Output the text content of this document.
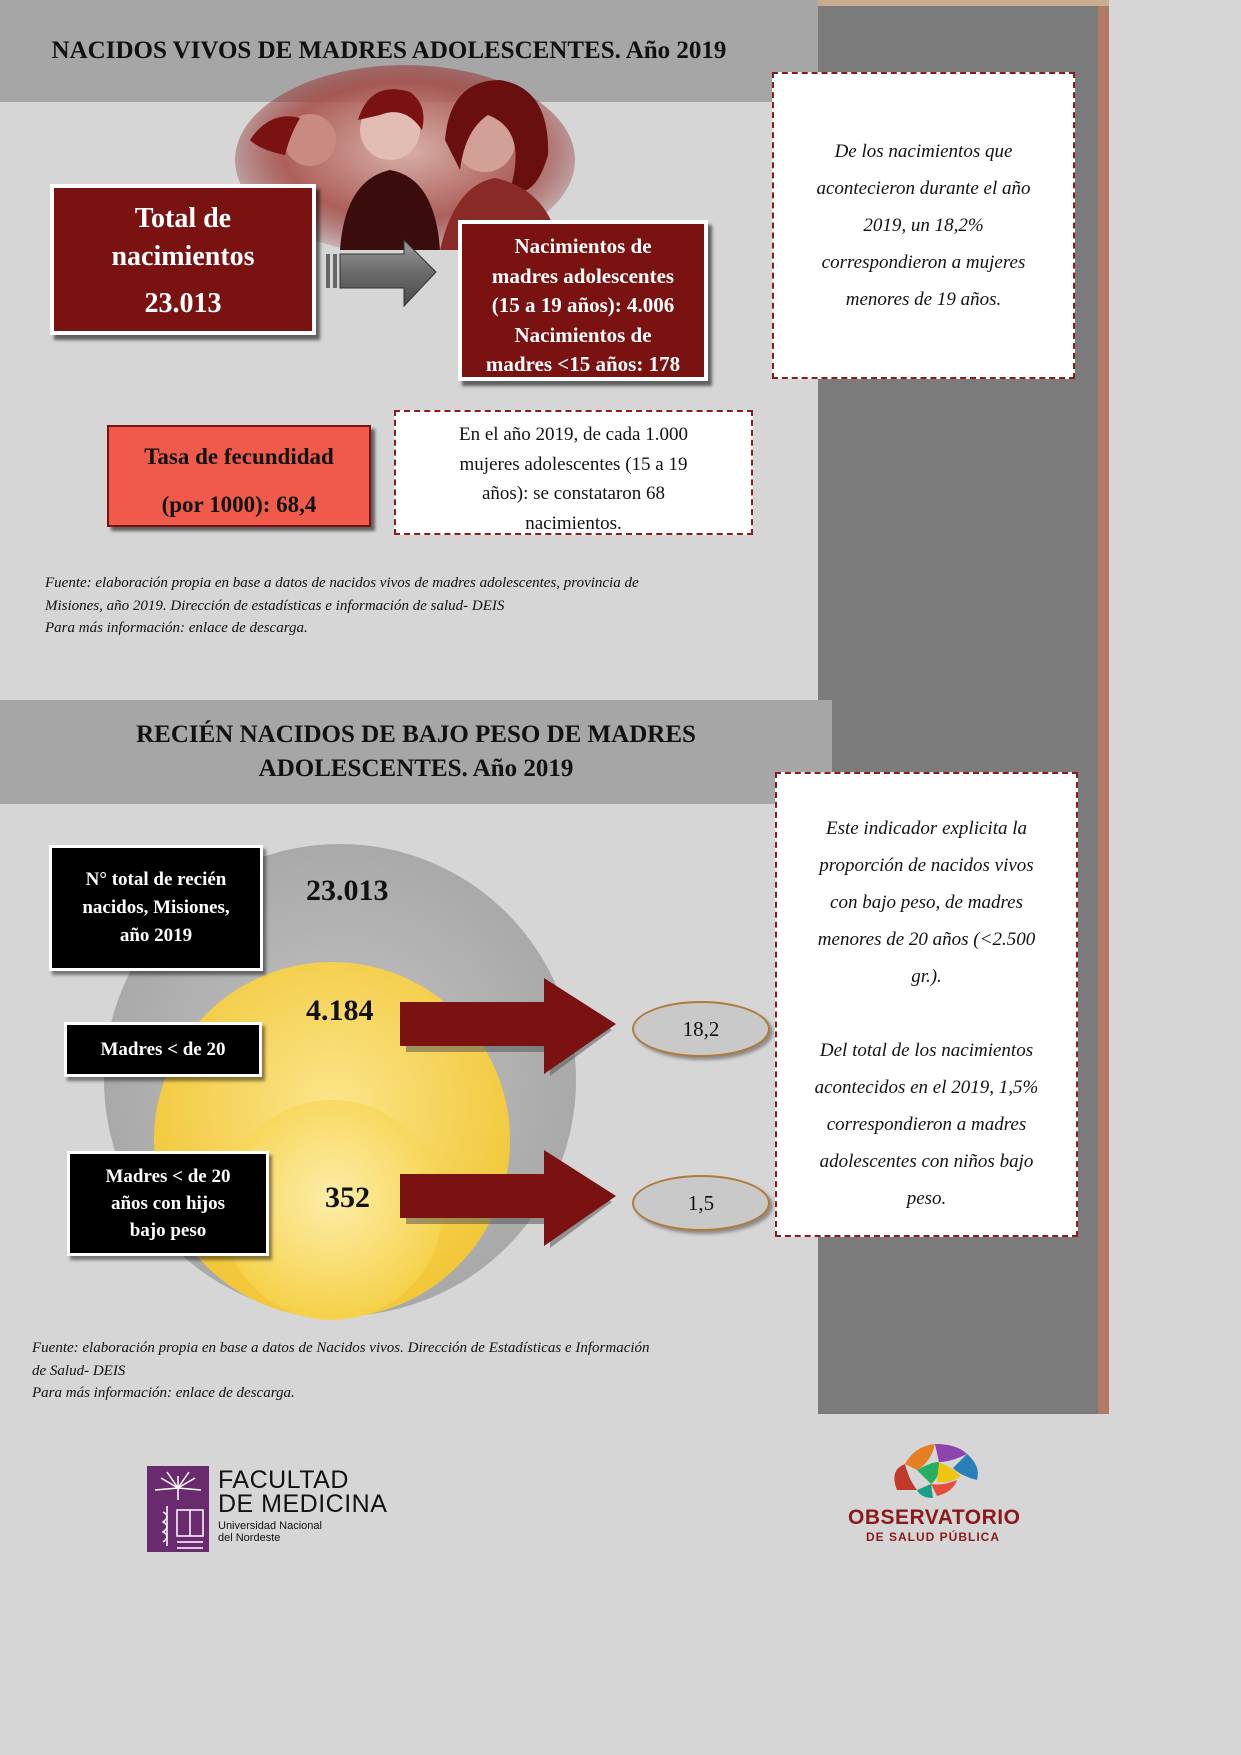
NACIDOS VIVOS DE MADRES ADOLESCENTES. Año 2019
Total de
nacimientos
23.013

Nacimientos de

madres adolescentes

(15 a 19 años): 4.006

Nacimientos de

madres <15 años: 178

De los nacimientos que
acontecieron durante el año
2019, un 18,2%
correspondieron a mujeres
menores de 19 años.

Tasa de fecundidad

(por 1000): 68,4

En el año 2019, de cada 1.000
mujeres adolescentes (15 a 19
años): se constataron 68
nacimientos.

Fuente: elaboración propia en base a datos de nacidos vivos de madres adolescentes, provincia de
Misiones, año 2019. Dirección de estadísticas e información de salud- DEIS
Para más información: enlace de descarga.
RECIÉN NACIDOS DE BAJO PESO DE MADRES
ADOLESCENTES. Año 2019
N° total de recién
nacidos, Misiones,
año 2019
Madres < de 20
Madres < de 20
años con hijos
bajo peso
23.013
4.184
352
18,2
1,5

Este indicador explicita la
proporción de nacidos vivos
con bajo peso, de madres
menores de 20 años (<2.500
gr.).

Del total de los nacimientos
acontecidos en el 2019, 1,5%
correspondieron a madres
adolescentes con niños bajo
peso.

Fuente: elaboración propia en base a datos de Nacidos vivos. Dirección de Estadísticas e Información
de Salud- DEIS
Para más información: enlace de descarga.
FACULTAD
DE MEDICINA
Universidad Nacional
del Nordeste
OBSERVATORIO
DE SALUD PÚBLICA
